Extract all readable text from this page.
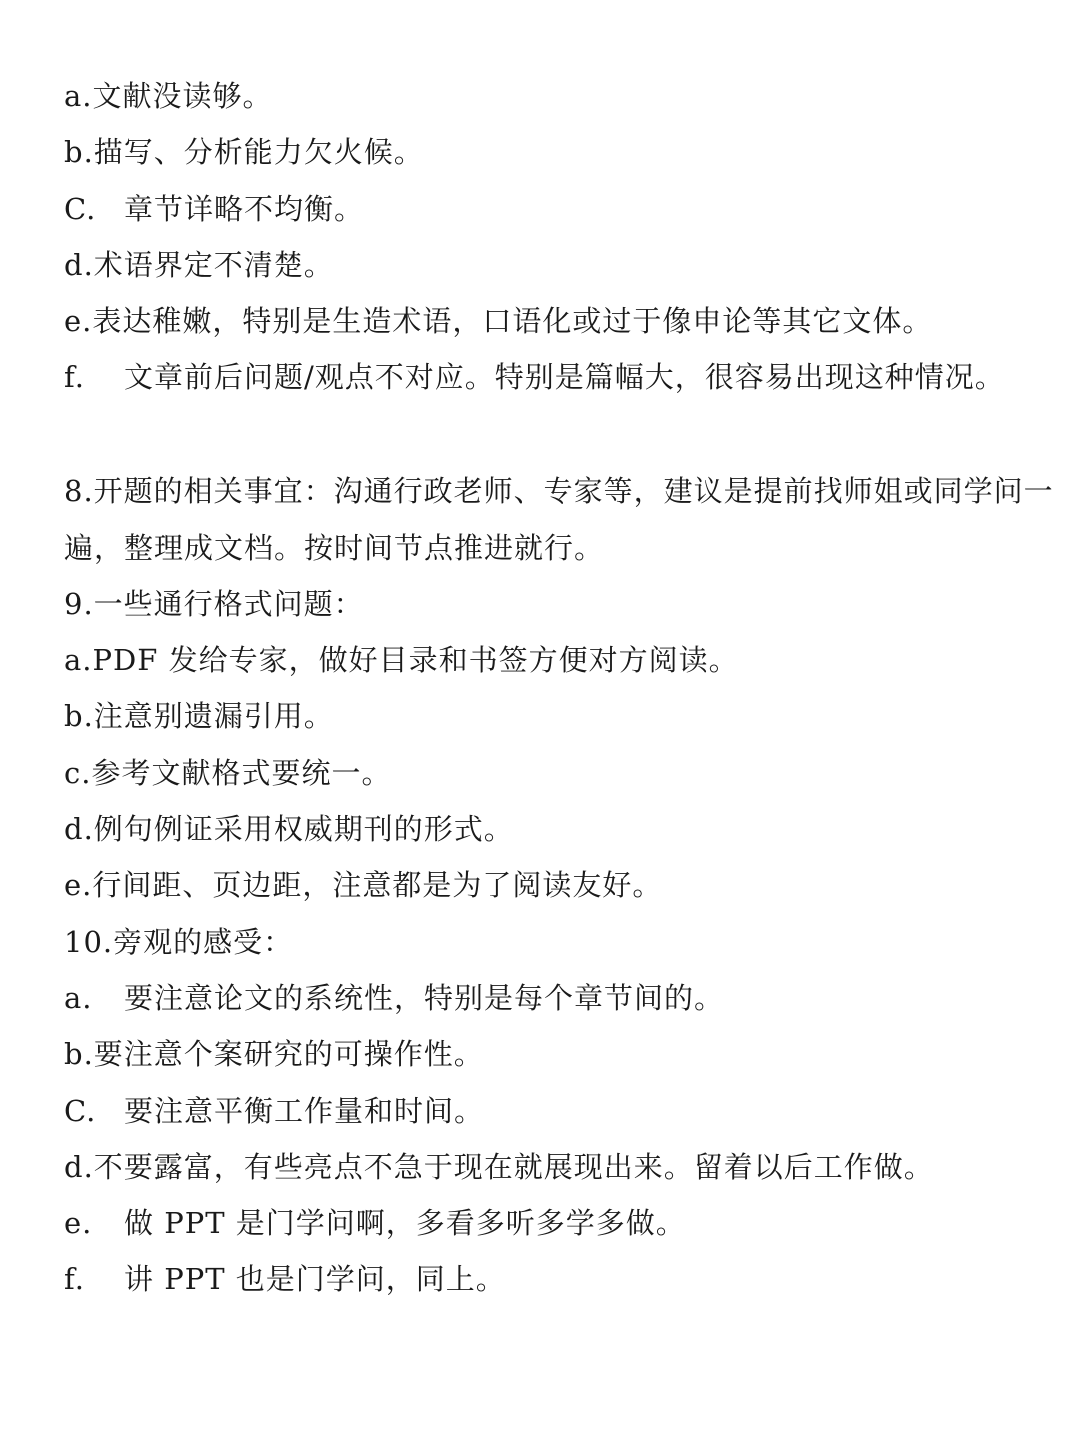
a.文献没读够。
b.描写、分析能力欠火候。
C. 章节详略不均衡。
d.术语界定不清楚。
e.表达稚嫩，特别是生造术语，口语化或过于像申论等其它文体。
f. 文章前后问题/观点不对应。特别是篇幅大，很容易出现这种情况。
8.开题的相关事宜：沟通行政老师、专家等，建议是提前找师姐或同学问一
遍，整理成文档。按时间节点推进就行。
9.一些通行格式问题：
a.PDF 发给专家，做好目录和书签方便对方阅读。
b.注意别遗漏引用。
c.参考文献格式要统一。
d.例句例证采用权威期刊的形式。
e.行间距、页边距，注意都是为了阅读友好。
10.旁观的感受：
a. 要注意论文的系统性，特别是每个章节间的。
b.要注意个案研究的可操作性。
C. 要注意平衡工作量和时间。
d.不要露富，有些亮点不急于现在就展现出来。留着以后工作做。
e. 做 PPT 是门学问啊，多看多听多学多做。
f. 讲 PPT 也是门学问，同上。
